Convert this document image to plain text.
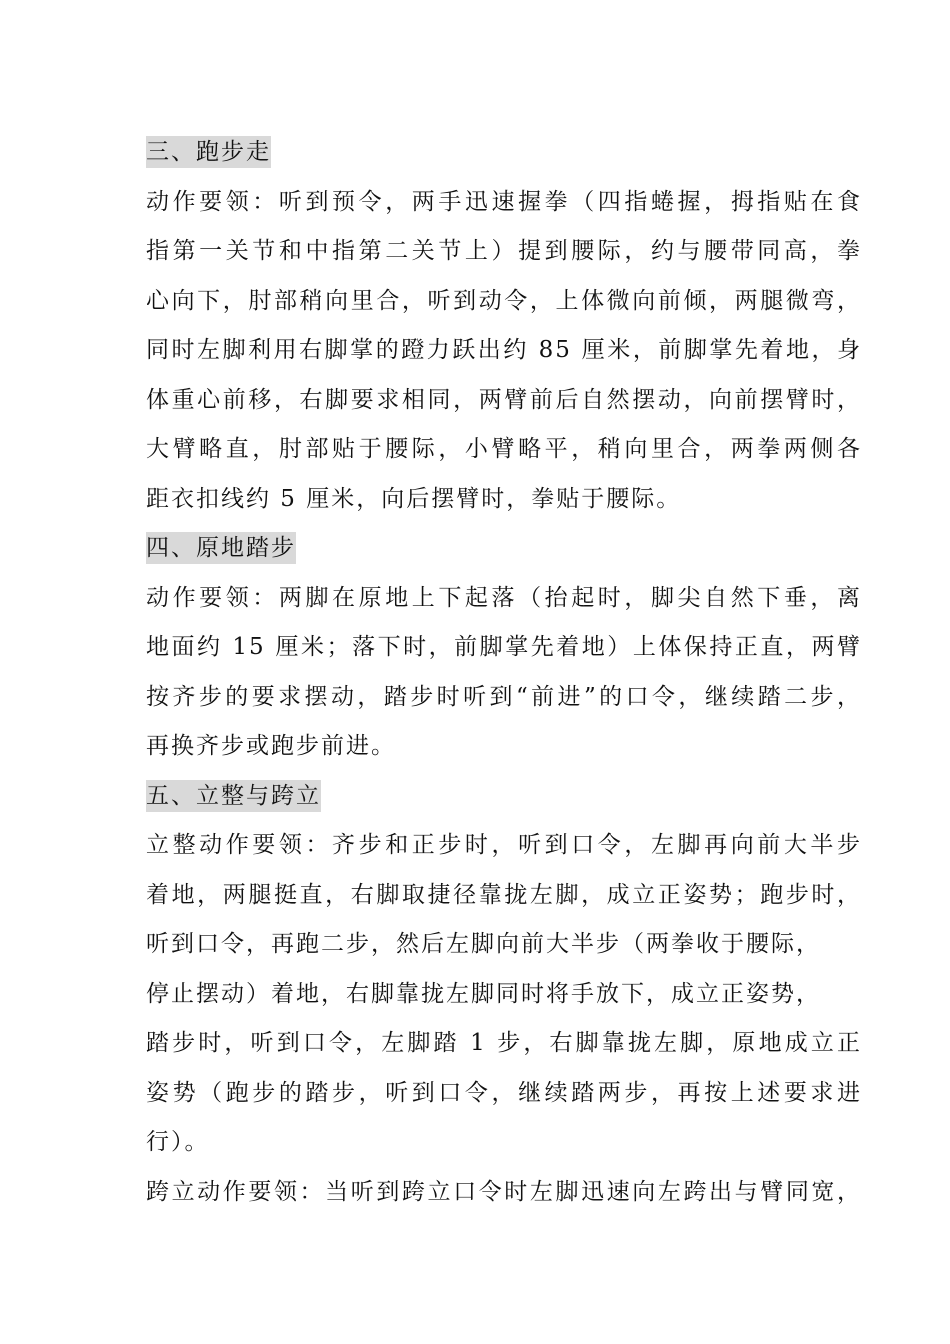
三、跑步走
动作要领：听到预令，两手迅速握拳（四指蜷握，拇指贴在食
指第一关节和中指第二关节上）提到腰际，约与腰带同高，拳
心向下，肘部稍向里合，听到动令，上体微向前倾，两腿微弯，
同时左脚利用右脚掌的蹬力跃出约 85 厘米，前脚掌先着地，身
体重心前移，右脚要求相同，两臂前后自然摆动，向前摆臂时，
大臂略直，肘部贴于腰际，小臂略平，稍向里合，两拳两侧各
距衣扣线约 5 厘米，向后摆臂时，拳贴于腰际。
四、原地踏步
动作要领：两脚在原地上下起落（抬起时，脚尖自然下垂，离
地面约 15 厘米；落下时，前脚掌先着地）上体保持正直，两臂
按齐步的要求摆动，踏步时听到“前进”的口令，继续踏二步，
再换齐步或跑步前进。
五、立整与跨立
立整动作要领：齐步和正步时，听到口令，左脚再向前大半步
着地，两腿挺直，右脚取捷径靠拢左脚，成立正姿势；跑步时，
听到口令，再跑二步，然后左脚向前大半步（两拳收于腰际，
停止摆动）着地，右脚靠拢左脚同时将手放下，成立正姿势，
踏步时，听到口令，左脚踏 1 步，右脚靠拢左脚，原地成立正
姿势（跑步的踏步，听到口令，继续踏两步，再按上述要求进
行）。
跨立动作要领：当听到跨立口令时左脚迅速向左跨出与臂同宽，
